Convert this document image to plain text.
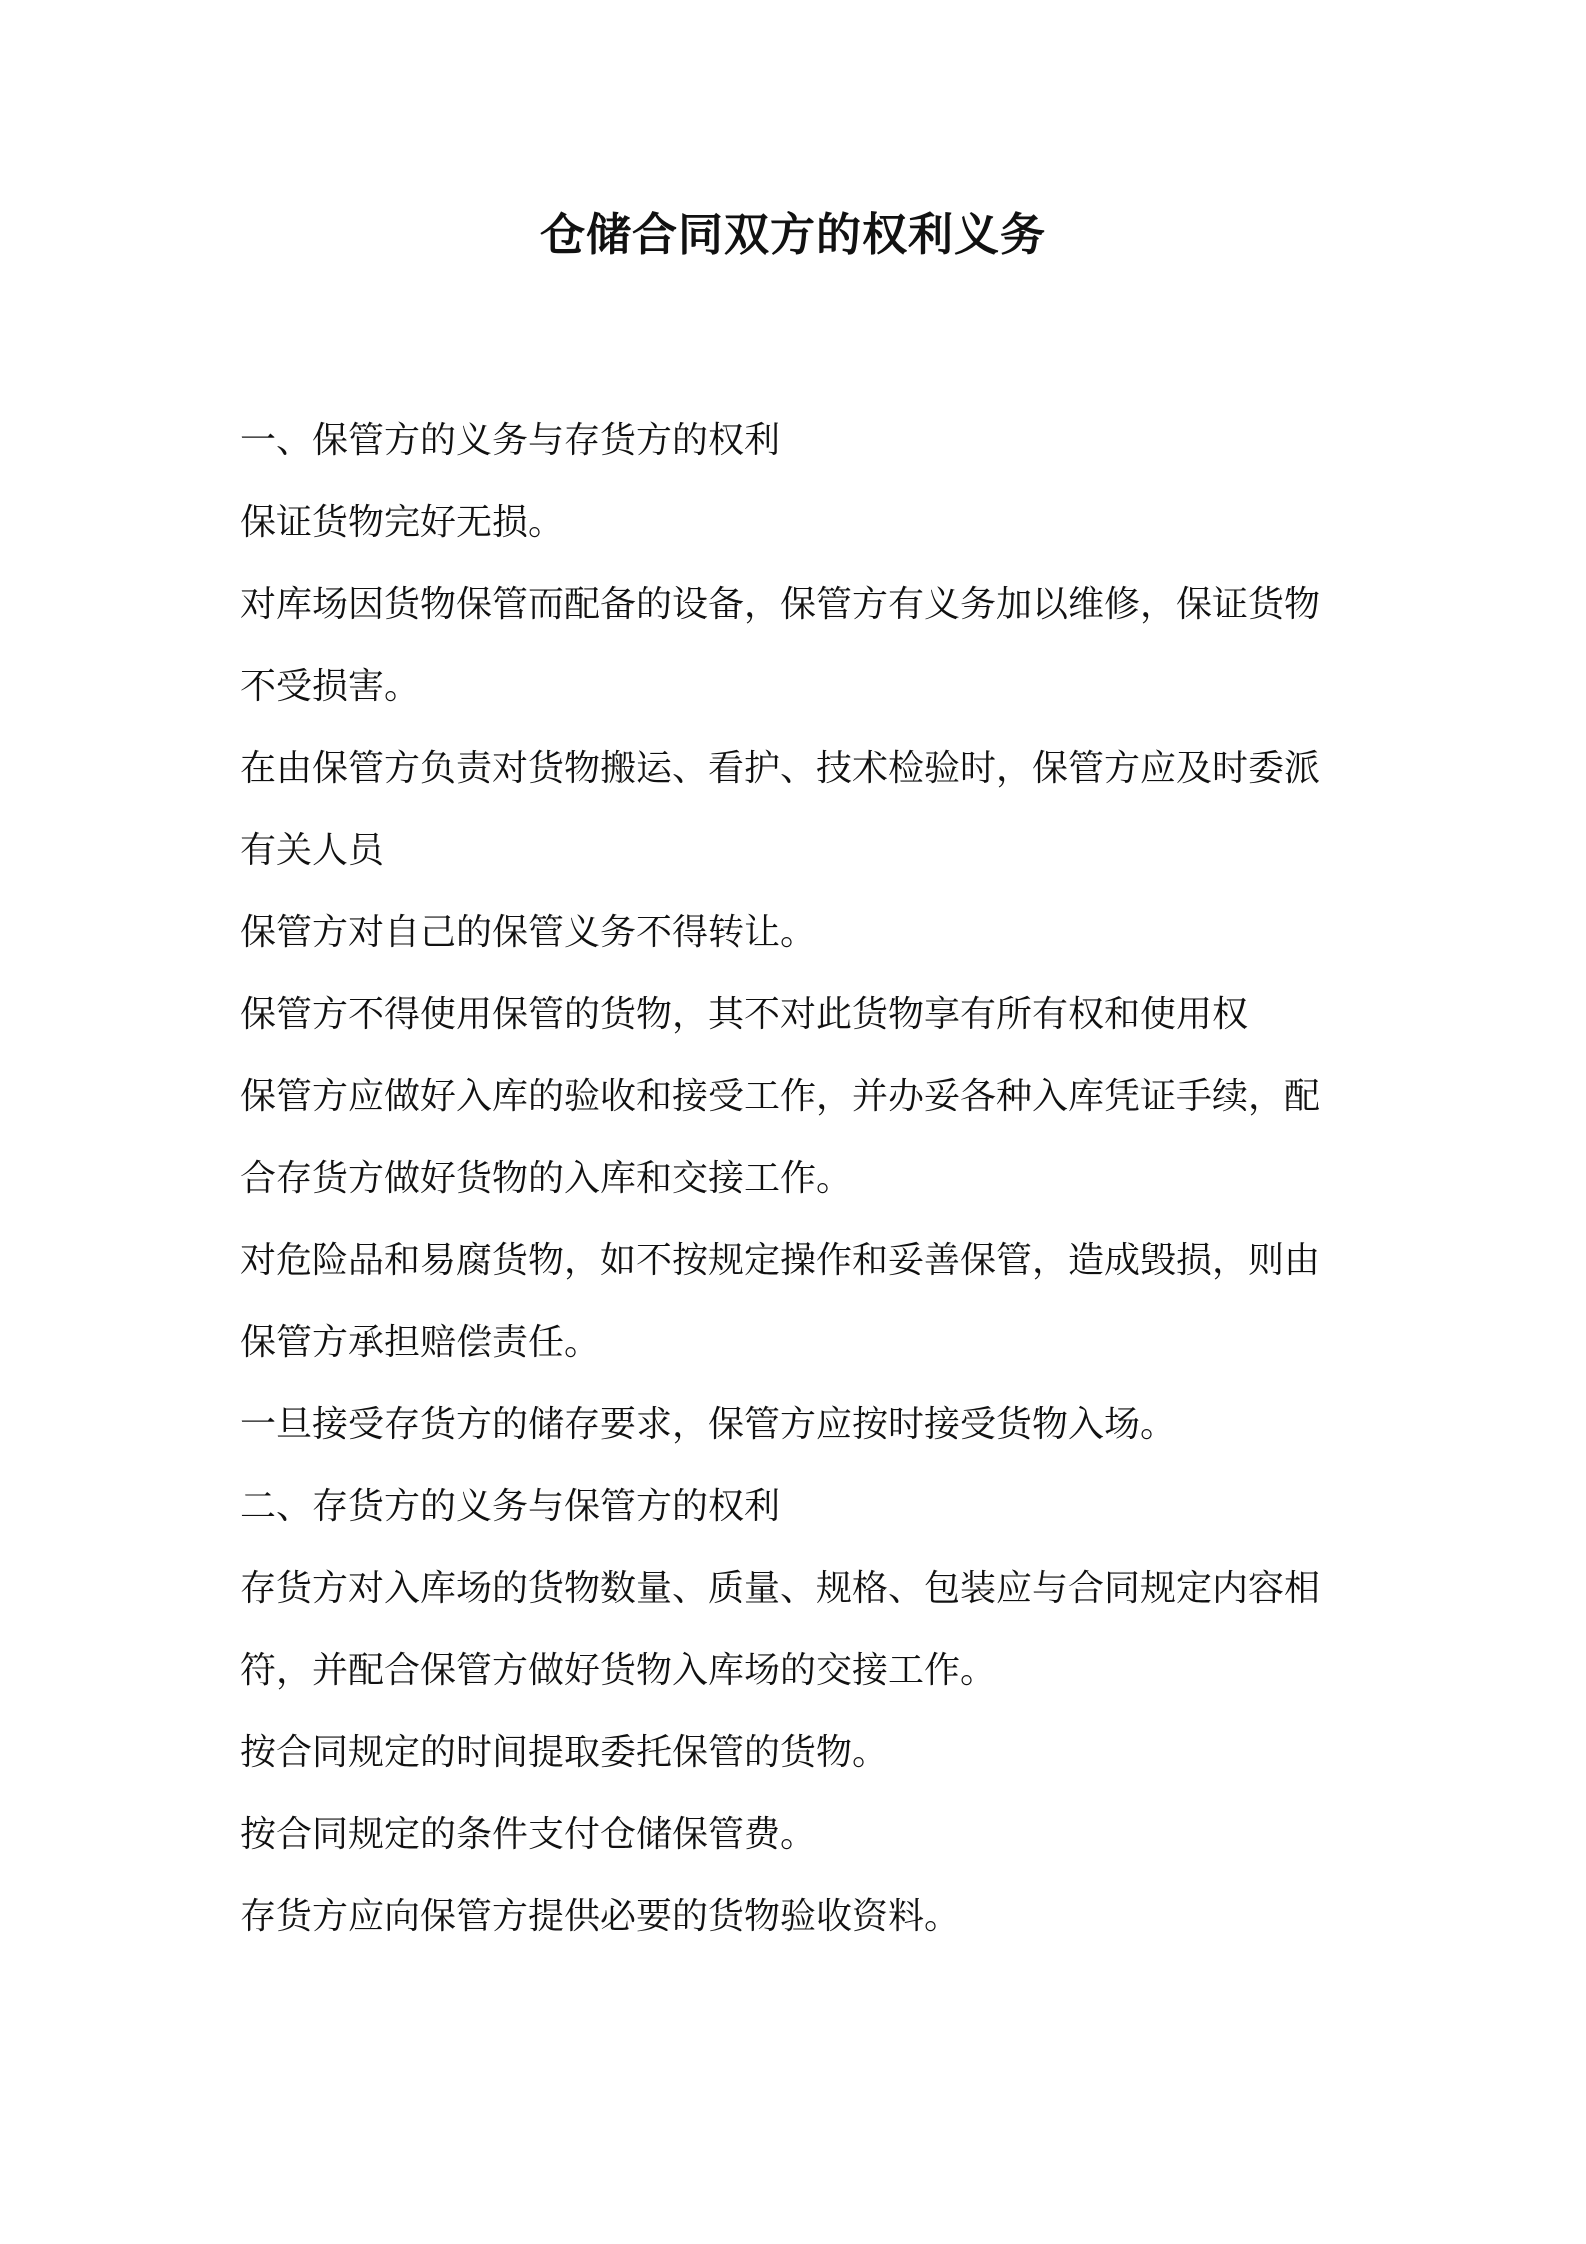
仓储合同双方的权利义务
一、保管方的义务与存货方的权利
保证货物完好无损。
对库场因货物保管而配备的设备，保管方有义务加以维修，保证货物
不受损害。
在由保管方负责对货物搬运、看护、技术检验时，保管方应及时委派
有关人员
保管方对自己的保管义务不得转让。
保管方不得使用保管的货物，其不对此货物享有所有权和使用权
保管方应做好入库的验收和接受工作，并办妥各种入库凭证手续，配
合存货方做好货物的入库和交接工作。
对危险品和易腐货物，如不按规定操作和妥善保管，造成毁损，则由
保管方承担赔偿责任。
一旦接受存货方的储存要求，保管方应按时接受货物入场。
二、存货方的义务与保管方的权利
存货方对入库场的货物数量、质量、规格、包装应与合同规定内容相
符，并配合保管方做好货物入库场的交接工作。
按合同规定的时间提取委托保管的货物。
按合同规定的条件支付仓储保管费。
存货方应向保管方提供必要的货物验收资料。
